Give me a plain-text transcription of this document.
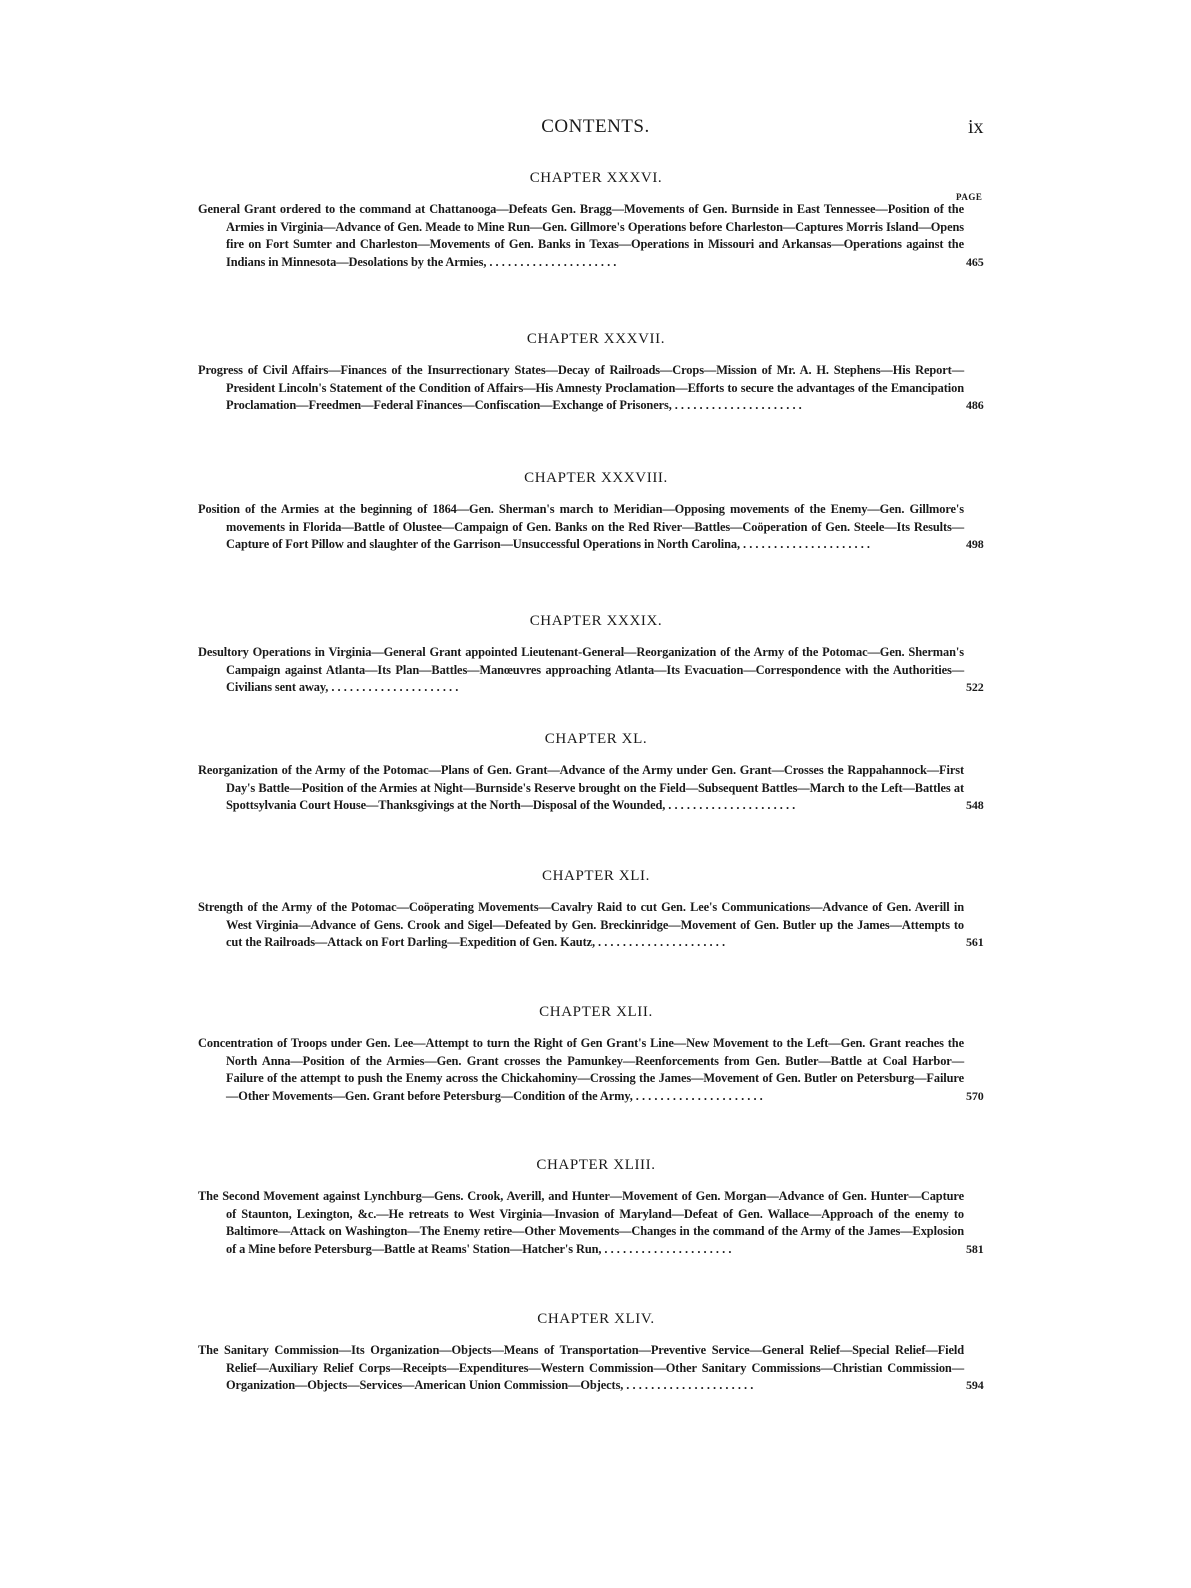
CONTENTS.	ix
PAGE
CHAPTER XXXVI.
General Grant ordered to the command at Chattanooga—Defeats Gen. Bragg—Movements of Gen. Burnside in East Tennessee—Position of the Armies in Virginia—Advance of Gen. Meade to Mine Run—Gen. Gillmore's Operations before Charleston—Captures Morris Island—Opens fire on Fort Sumter and Charleston—Movements of Gen. Banks in Texas—Operations in Missouri and Arkansas—Operations against the Indians in Minnesota—Desolations by the Armies, . . . . . . . . . . . . . . . . . . . . .	465
CHAPTER XXXVII.
Progress of Civil Affairs—Finances of the Insurrectionary States—Decay of Railroads—Crops—Mission of Mr. A. H. Stephens—His Report—President Lincoln's Statement of the Condition of Affairs—His Amnesty Proclamation—Efforts to secure the advantages of the Emancipation Proclamation—Freedmen—Federal Finances—Confiscation—Exchange of Prisoners, . . . . . . . . . . . . . . . . . . . . .	486
CHAPTER XXXVIII.
Position of the Armies at the beginning of 1864—Gen. Sherman's march to Meridian—Opposing movements of the Enemy—Gen. Gillmore's movements in Florida—Battle of Olustee—Campaign of Gen. Banks on the Red River—Battles—Coöperation of Gen. Steele—Its Results—Capture of Fort Pillow and slaughter of the Garrison—Unsuccessful Operations in North Carolina, . . . . . . . . . . . . . . . . . . . . .	498
CHAPTER XXXIX.
Desultory Operations in Virginia—General Grant appointed Lieutenant-General—Reorganization of the Army of the Potomac—Gen. Sherman's Campaign against Atlanta—Its Plan—Battles—Manœuvres approaching Atlanta—Its Evacuation—Correspondence with the Authorities—Civilians sent away, . . . . . . . . . . . . . . . . . . . . .	522
CHAPTER XL.
Reorganization of the Army of the Potomac—Plans of Gen. Grant—Advance of the Army under Gen. Grant—Crosses the Rappahannock—First Day's Battle—Position of the Armies at Night—Burnside's Reserve brought on the Field—Subsequent Battles—March to the Left—Battles at Spottsylvania Court House—Thanksgivings at the North—Disposal of the Wounded, . . . . . . . . . . . . . . . . . . . . .	548
CHAPTER XLI.
Strength of the Army of the Potomac—Coöperating Movements—Cavalry Raid to cut Gen. Lee's Communications—Advance of Gen. Averill in West Virginia—Advance of Gens. Crook and Sigel—Defeated by Gen. Breckinridge—Movement of Gen. Butler up the James—Attempts to cut the Railroads—Attack on Fort Darling—Expedition of Gen. Kautz, . . . . . . . . . . . . . . . . . . . . .	561
CHAPTER XLII.
Concentration of Troops under Gen. Lee—Attempt to turn the Right of Gen Grant's Line—New Movement to the Left—Gen. Grant reaches the North Anna—Position of the Armies—Gen. Grant crosses the Pamunkey—Reenforcements from Gen. Butler—Battle at Coal Harbor—Failure of the attempt to push the Enemy across the Chickahominy—Crossing the James—Movement of Gen. Butler on Petersburg—Failure—Other Movements—Gen. Grant before Petersburg—Condition of the Army, . . . . . . . . . . . . . . . . . . . . .	570
CHAPTER XLIII.
The Second Movement against Lynchburg—Gens. Crook, Averill, and Hunter—Movement of Gen. Morgan—Advance of Gen. Hunter—Capture of Staunton, Lexington, &c.—He retreats to West Virginia—Invasion of Maryland—Defeat of Gen. Wallace—Approach of the enemy to Baltimore—Attack on Washington—The Enemy retire—Other Movements—Changes in the command of the Army of the James—Explosion of a Mine before Petersburg—Battle at Reams' Station—Hatcher's Run, . . . . . . . . . . . . . . . . . . . . .	581
CHAPTER XLIV.
The Sanitary Commission—Its Organization—Objects—Means of Transportation—Preventive Service—General Relief—Special Relief—Field Relief—Auxiliary Relief Corps—Receipts—Expenditures—Western Commission—Other Sanitary Commissions—Christian Commission—Organization—Objects—Services—American Union Commission—Objects, . . . . . . . . . . . . . . . . . . . . .	594
